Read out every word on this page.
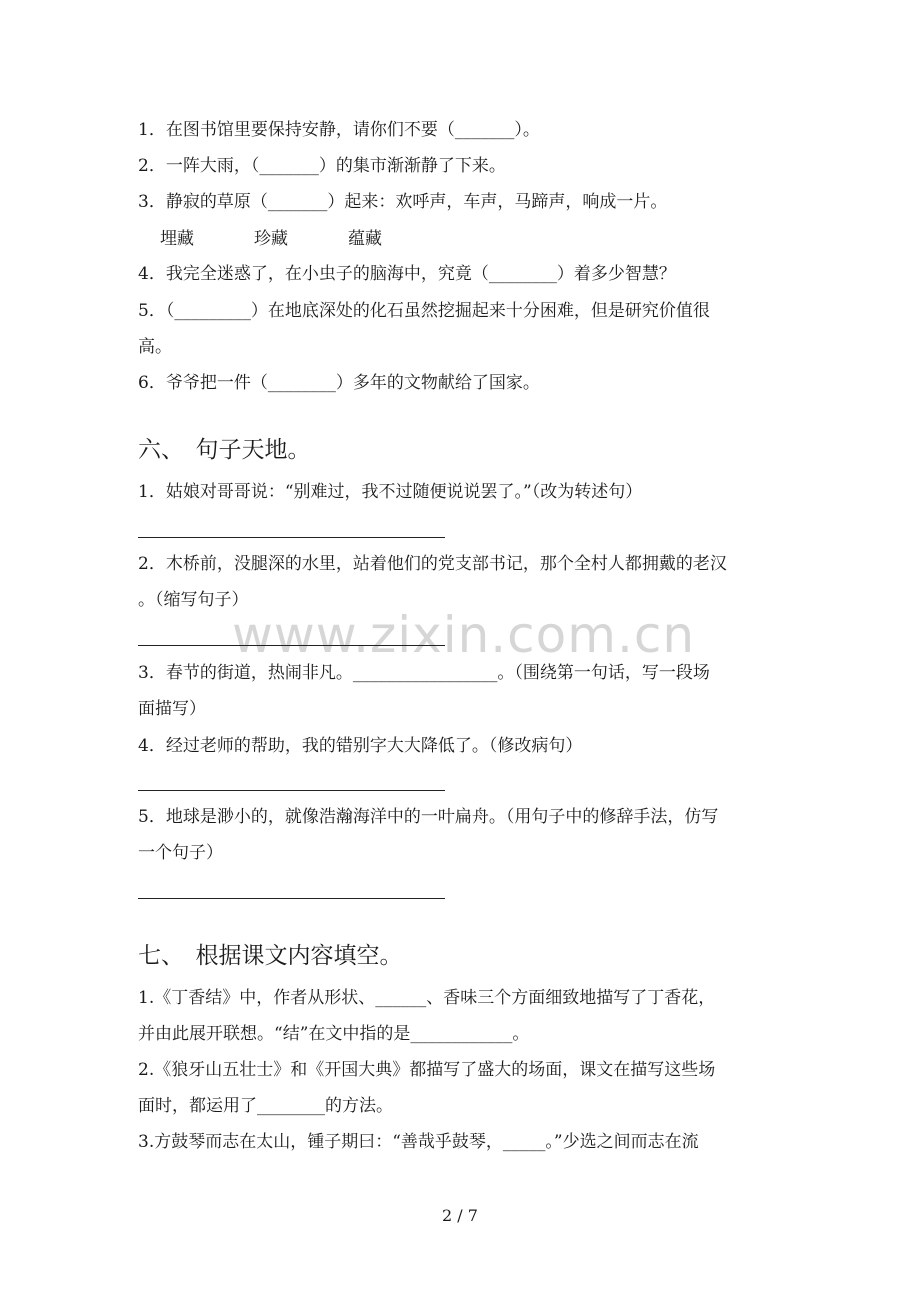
www.zixin.com.cn
1．在图书馆里要保持安静，请你们不要（_______）。
2．一阵大雨，（_______）的集市渐渐静了下来。
3．静寂的草原（_______）起来：欢呼声，车声，马蹄声，响成一片。
埋藏	珍藏	蕴藏
4．我完全迷惑了，在小虫子的脑海中，究竟（________）着多少智慧？
5．（_________）在地底深处的化石虽然挖掘起来十分困难，但是研究价值很
高。
6．爷爷把一件（________）多年的文物献给了国家。
六、　句子天地。
1．姑娘对哥哥说：“别难过，我不过随便说说罢了。”（改为转述句）
2．木桥前，没腿深的水里，站着他们的党支部书记，那个全村人都拥戴的老汉
。（缩写句子）
3．春节的街道，热闹非凡。_________________。（围绕第一句话，写一段场
面描写）
4．经过老师的帮助，我的错别字大大降低了。（修改病句）
5．地球是渺小的，就像浩瀚海洋中的一叶扁舟。（用句子中的修辞手法，仿写
一个句子）
七、　根据课文内容填空。
1.《丁香结》中，作者从形状、______、香味三个方面细致地描写了丁香花，
并由此展开联想。“结”在文中指的是____________。
2.《狼牙山五壮士》和《开国大典》都描写了盛大的场面，课文在描写这些场
面时，都运用了________的方法。
3.方鼓琴而志在太山，锺子期曰：“善哉乎鼓琴，_____。”少选之间而志在流
2 / 7
